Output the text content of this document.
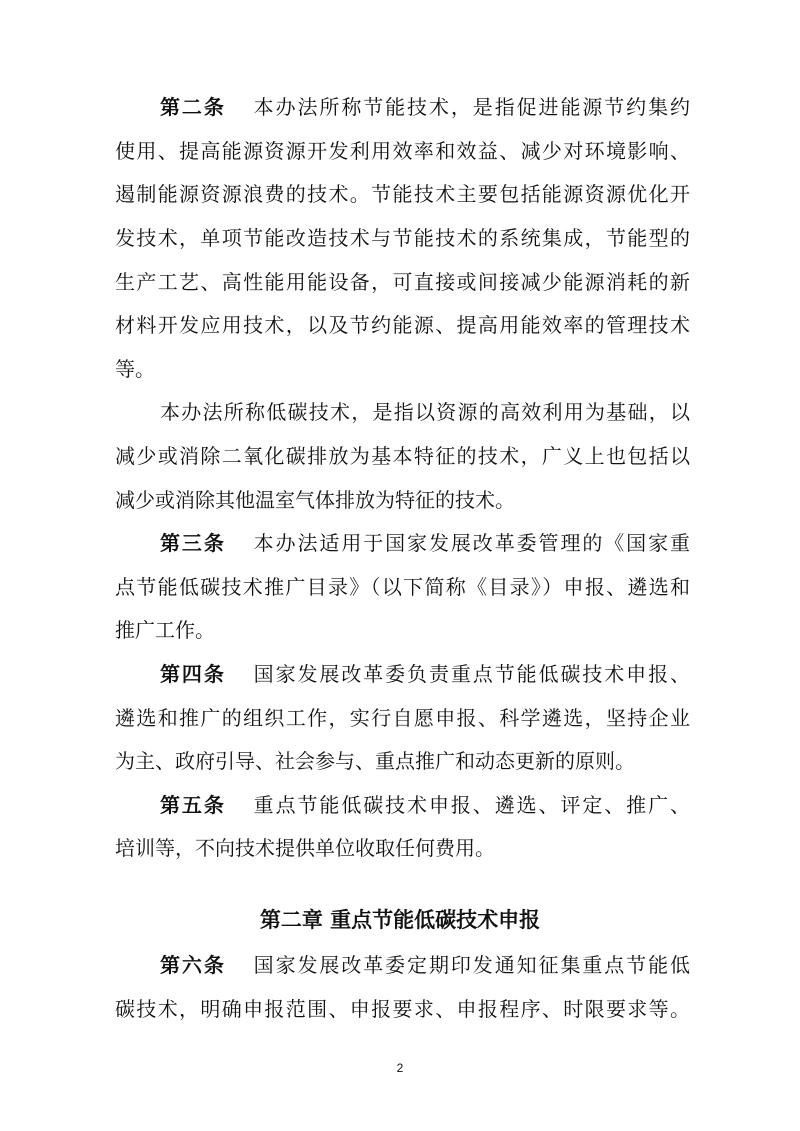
第二条 本办法所称节能技术，是指促进能源节约集约
使用、提高能源资源开发利用效率和效益、减少对环境影响、
遏制能源资源浪费的技术。节能技术主要包括能源资源优化开
发技术，单项节能改造技术与节能技术的系统集成，节能型的
生产工艺、高性能用能设备，可直接或间接减少能源消耗的新
材料开发应用技术，以及节约能源、提高用能效率的管理技术
等。
本办法所称低碳技术，是指以资源的高效利用为基础，以
减少或消除二氧化碳排放为基本特征的技术，广义上也包括以
减少或消除其他温室气体排放为特征的技术。
第三条 本办法适用于国家发展改革委管理的《国家重
点节能低碳技术推广目录》（以下简称《目录》）申报、遴选和
推广工作。
第四条 国家发展改革委负责重点节能低碳技术申报、
遴选和推广的组织工作，实行自愿申报、科学遴选，坚持企业
为主、政府引导、社会参与、重点推广和动态更新的原则。
第五条 重点节能低碳技术申报、遴选、评定、推广、
培训等，不向技术提供单位收取任何费用。
第二章 重点节能低碳技术申报
第六条 国家发展改革委定期印发通知征集重点节能低
碳技术，明确申报范围、申报要求、申报程序、时限要求等。
2
